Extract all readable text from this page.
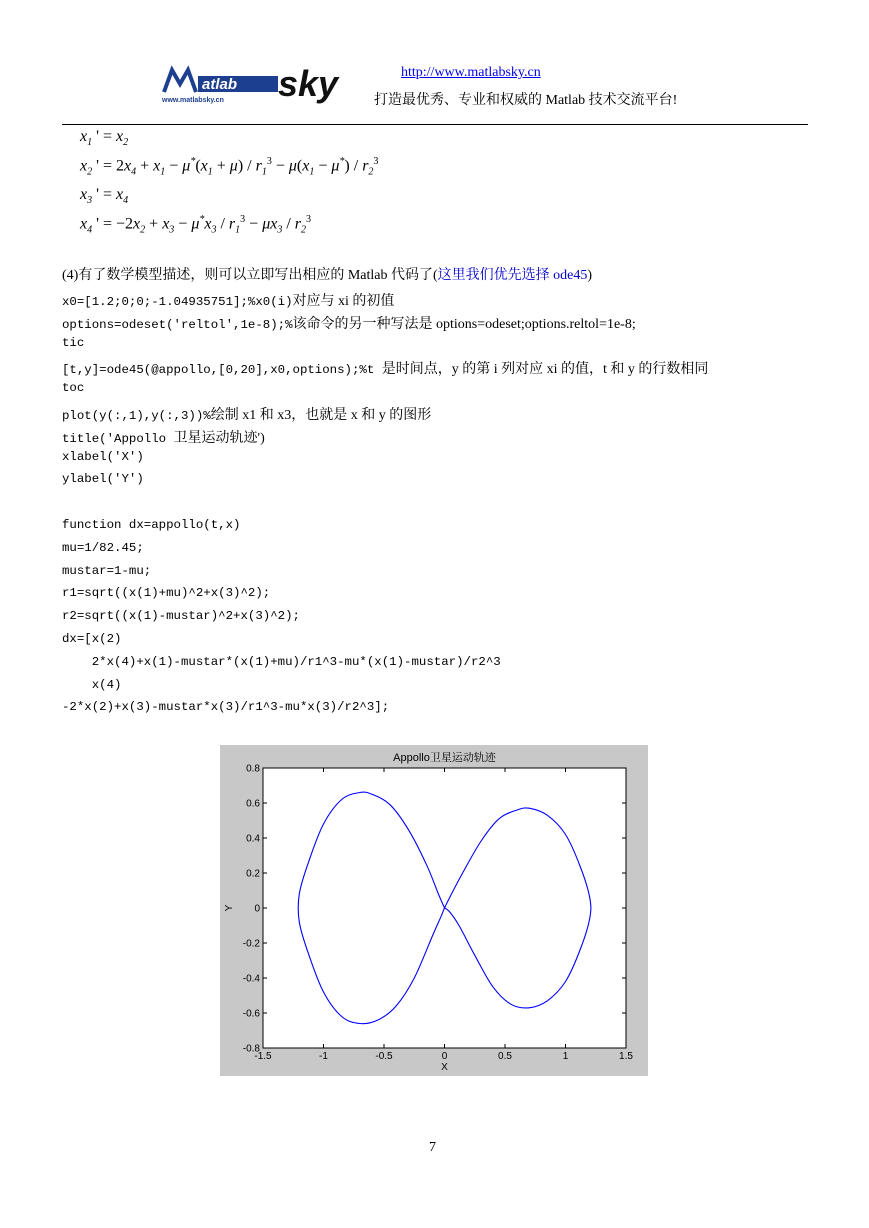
atlab sky
www.matlabsky.cn
http://www.matlabsky.cn
打造最优秀、专业和权威的 Matlab 技术交流平台!
$x_1$ ' = $x_2$
$x_2$ ' = $2x_4 + x_1 - \mu^*(x_1 + \mu) / r_1^3 - \mu(x_1 - \mu^*) / r_2^3$
$x_3$ ' = $x_4$
$x_4$ ' = $-2x_2 + x_3 - \mu^*x_3 / r_1^3 - \mu x_3 / r_2^3$
(4)有了数学模型描述，则可以立即写出相应的 Matlab 代码了(这里我们优先选择 ode45)
x0=[1.2;0;0;-1.04935751];%x0(i)对应与 xi 的初值
options=odeset('reltol',1e-8);%该命令的另一种写法是 options=odeset;options.reltol=1e-8;
tic
[t,y]=ode45(@appollo,[0,20],x0,options);%t 是时间点，y 的第 i 列对应 xi 的值，t 和 y 的行数相同
toc
plot(y(:,1),y(:,3))%绘制 x1 和 x3，也就是 x 和 y 的图形
title('Appollo 卫星运动轨迹')
xlabel('X')
ylabel('Y')
function dx=appollo(t,x)
mu=1/82.45;
mustar=1-mu;
r1=sqrt((x(1)+mu)^2+x(3)^2);
r2=sqrt((x(1)-mustar)^2+x(3)^2);
dx=[x(2)
2*x(4)+x(1)-mustar*(x(1)+mu)/r1^3-mu*(x(1)-mustar)/r2^3
x(4)
-2*x(2)+x(3)-mustar*x(3)/r1^3-mu*x(3)/r2^3];
-1.5	-1	-0.5	0	0.5	1	1.5
0.8
0.6
0.4
0.2
0
-0.2
-0.4
-0.6
-0.8
Appollo卫星运动轨迹
X
Y
7
